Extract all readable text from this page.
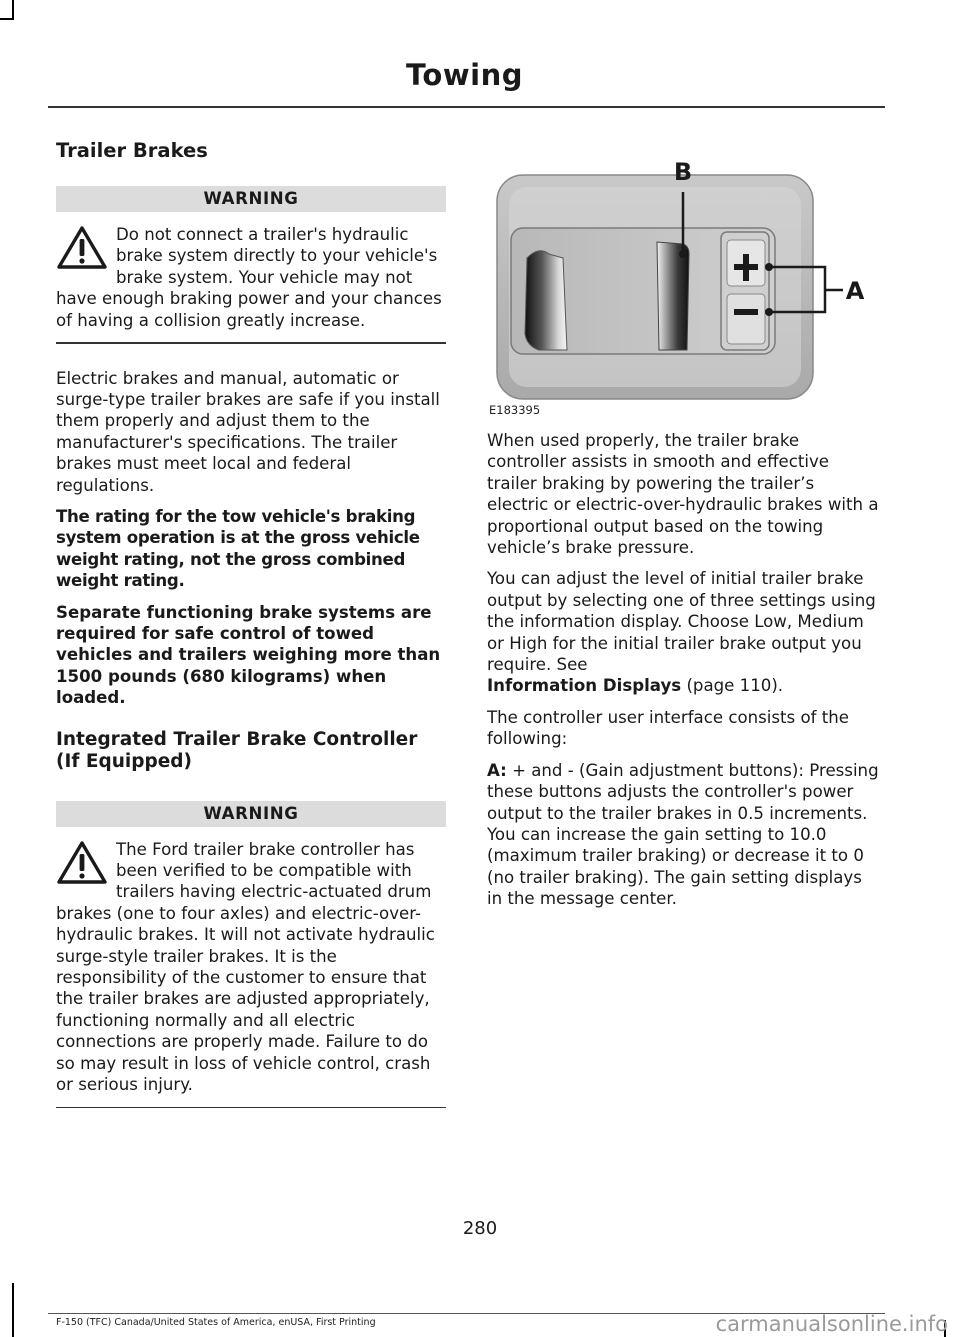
Towing
Trailer Brakes
WARNING

Do not connect a trailer's hydraulic brake system directly to your vehicle's brake system. Your vehicle may not have enough braking power and your chances of having a collision greatly increase.

Electric brakes and manual, automatic or surge-type trailer brakes are safe if you install them properly and adjust them to the manufacturer's specifications. The trailer brakes must meet local and federal regulations.

The rating for the tow vehicle's braking system operation is at the gross vehicle weight rating, not the gross combined weight rating.

Separate functioning brake systems are required for safe control of towed vehicles and trailers weighing more than 1500 pounds (680 kilograms) when loaded.

Integrated Trailer Brake Controller (If Equipped)
WARNING

The Ford trailer brake controller has been verified to be compatible with trailers having electric-actuated drum brakes (one to four axles) and electric-over-hydraulic brakes. It will not activate hydraulic surge-style trailer brakes. It is the responsibility of the customer to ensure that the trailer brakes are adjusted appropriately, functioning normally and all electric connections are properly made. Failure to do so may result in loss of vehicle control, crash or serious injury.

B
A
E183395

When used properly, the trailer brake controller assists in smooth and effective trailer braking by powering the trailer’s electric or electric-over-hydraulic brakes with a proportional output based on the towing vehicle’s brake pressure.

You can adjust the level of initial trailer brake output by selecting one of three settings using the information display. Choose Low, Medium or High for the initial trailer brake output you require. See
Information Displays (page 110).

The controller user interface consists of the following:

A: + and - (Gain adjustment buttons): Pressing these buttons adjusts the controller's power output to the trailer brakes in 0.5 increments. You can increase the gain setting to 10.0 (maximum trailer braking) or decrease it to 0 (no trailer braking). The gain setting displays in the message center.

280
F-150 (TFC) Canada/United States of America, enUSA, First Printing	carmanualsonline.info
